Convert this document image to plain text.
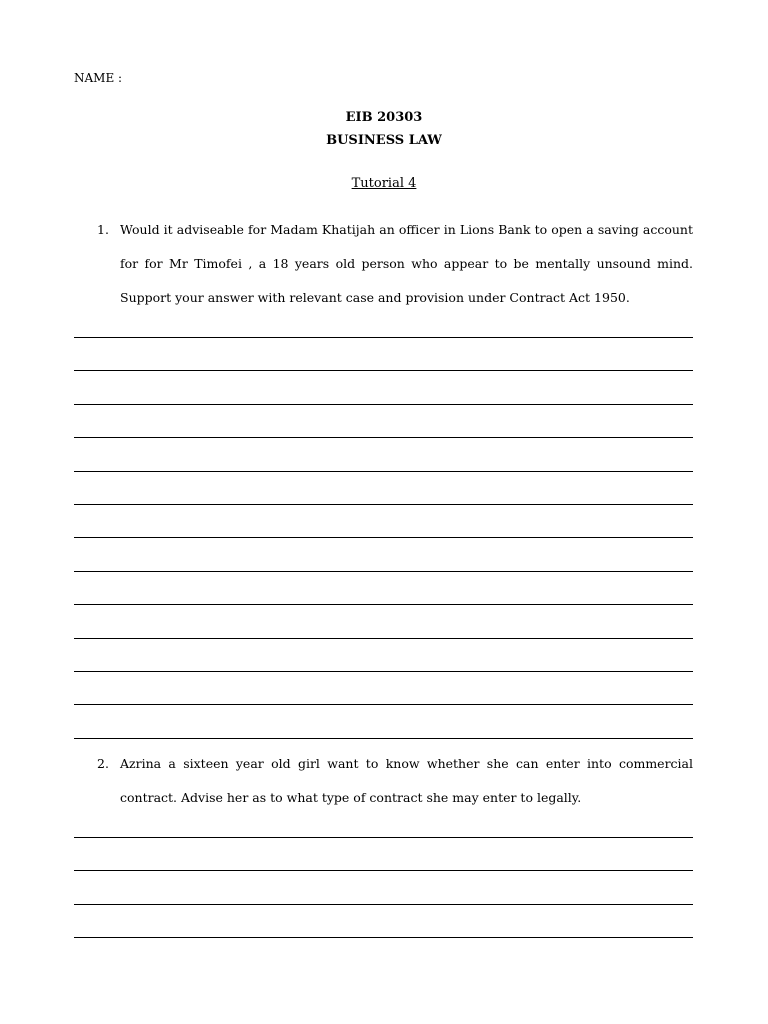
NAME :
EIB 20303
BUSINESS LAW
Tutorial 4
1. Would it adviseable for Madam Khatijah an officer in Lions Bank to open a saving account for for Mr Timofei , a 18 years old person who appear to be mentally unsound mind. Support your answer with relevant case and provision under Contract Act 1950.
2. Azrina a sixteen year old girl want to know whether she can enter into commercial contract. Advise her as to what type of contract she may enter to legally.
